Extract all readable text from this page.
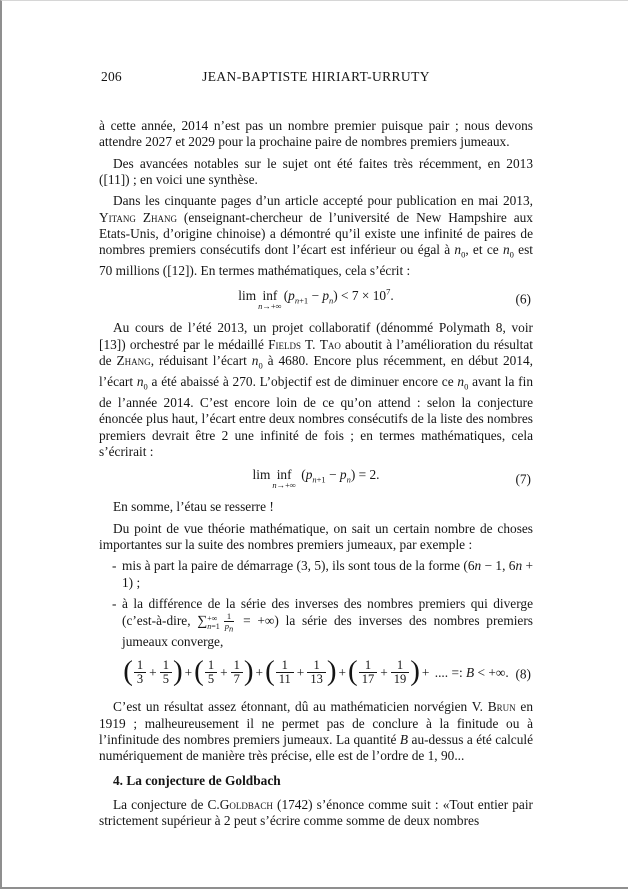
206	JEAN-BAPTISTE HIRIART-URRUTY

à cette année, 2014 n’est pas un nombre premier puisque pair ; nous devons attendre 2027 et 2029 pour la prochaine paire de nombres premiers jumeaux.

Des avancées notables sur le sujet ont été faites très récemment, en 2013 ([11]) ; en voici une synthèse.

Dans les cinquante pages d’un article accepté pour publication en mai 2013, Yitang Zhang (enseignant-chercheur de l’université de New Hampshire aux Etats-Unis, d’origine chinoise) a démontré qu’il existe une infinité de paires de nombres premiers consécutifs dont l’écart est inférieur ou égal à $n_0$, et ce $n_0$ est 70 millions ([12]). En termes mathématiques, cela s’écrit :

lim inf
n→+∞
$(p_{n+1} - p_n) < 7 \times 10^7$.	(6)

Au cours de l’été 2013, un projet collaboratif (dénommé Polymath 8, voir [13]) orchestré par le médaillé Fields T. Tao aboutit à l’amélioration du résultat de Zhang, réduisant l’écart $n_0$ à 4680. Encore plus récemment, en début 2014, l’écart $n_0$ a été abaissé à 270. L’objectif est de diminuer encore ce $n_0$ avant la fin de l’année 2014. C’est encore loin de ce qu’on attend : selon la conjecture énoncée plus haut, l’écart entre deux nombres consécutifs de la liste des nombres premiers devrait être 2 une infinité de fois ; en termes mathématiques, cela s’écrirait :

lim inf
n→+∞
$(p_{n+1} - p_n) = 2$.	(7)

En somme, l’étau se resserre !

Du point de vue théorie mathématique, on sait un certain nombre de choses importantes sur la suite des nombres premiers jumeaux, par exemple :

- mis à part la paire de démarrage (3, 5), ils sont tous de la forme (6n − 1, 6n + 1) ;
- à la différence de la série des inverses des nombres premiers qui diverge (c’est-à-dire, ∑ +∞
$n=1 \frac{1}{p_n}$ = +∞) la série des inverses des nombres premiers jumeaux converge,
( $\frac{1}{3} + \frac{1}{5}$ ) +( $\frac{1}{5} + \frac{1}{7}$ ) +( $\frac{1}{11} + \frac{1}{13}$ ) +( $\frac{1}{17} + \frac{1}{19}$ ) + .... =: B < +∞. (8)

C’est un résultat assez étonnant, dû au mathématicien norvégien V. Brun en 1919 ; malheureusement il ne permet pas de conclure à la finitude ou à l’infinitude des nombres premiers jumeaux. La quantité B au-dessus a été calculé numériquement de manière très précise, elle est de l’ordre de 1, 90...

4. La conjecture de Goldbach

La conjecture de C.Goldbach (1742) s’énonce comme suit : «Tout entier pair strictement supérieur à 2 peut s’écrire comme somme de deux nombres
